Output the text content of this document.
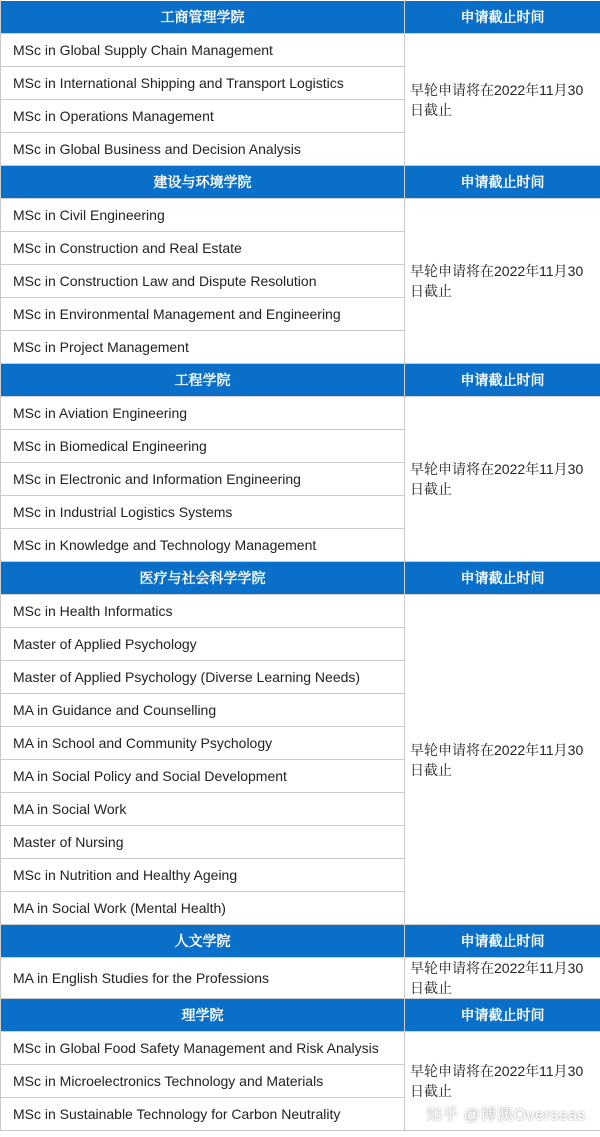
工商管理学院	申请截止时间
MSc in Global Supply Chain Management	早轮申请将在2022年11月30日截止
MSc in International Shipping and Transport Logistics	
MSc in Operations Management	
MSc in Global Business and Decision Analysis	
建设与环境学院	申请截止时间
MSc in Civil Engineering	早轮申请将在2022年11月30日截止
MSc in Construction and Real Estate	
MSc in Construction Law and Dispute Resolution	
MSc in Environmental Management and Engineering	
MSc in Project Management	
工程学院	申请截止时间
MSc in Aviation Engineering	早轮申请将在2022年11月30日截止
MSc in Biomedical Engineering	
MSc in Electronic and Information Engineering	
MSc in Industrial Logistics Systems	
MSc in Knowledge and Technology Management	
医疗与社会科学学院	申请截止时间
MSc in Health Informatics	早轮申请将在2022年11月30日截止
Master of Applied Psychology	
Master of Applied Psychology (Diverse Learning Needs)	
MA in Guidance and Counselling	
MA in School and Community Psychology	
MA in Social Policy and Social Development	
MA in Social Work	
Master of Nursing	
MSc in Nutrition and Healthy Ageing	
MA in Social Work (Mental Health)	
人文学院	申请截止时间
MA in English Studies for the Professions	早轮申请将在2022年11月30日截止
理学院	申请截止时间
MSc in Global Food Safety Management and Risk Analysis	早轮申请将在2022年11月30日截止
MSc in Microelectronics Technology and Materials	
MSc in Sustainable Technology for Carbon Neutrality		知乎 @博澳Overseas
